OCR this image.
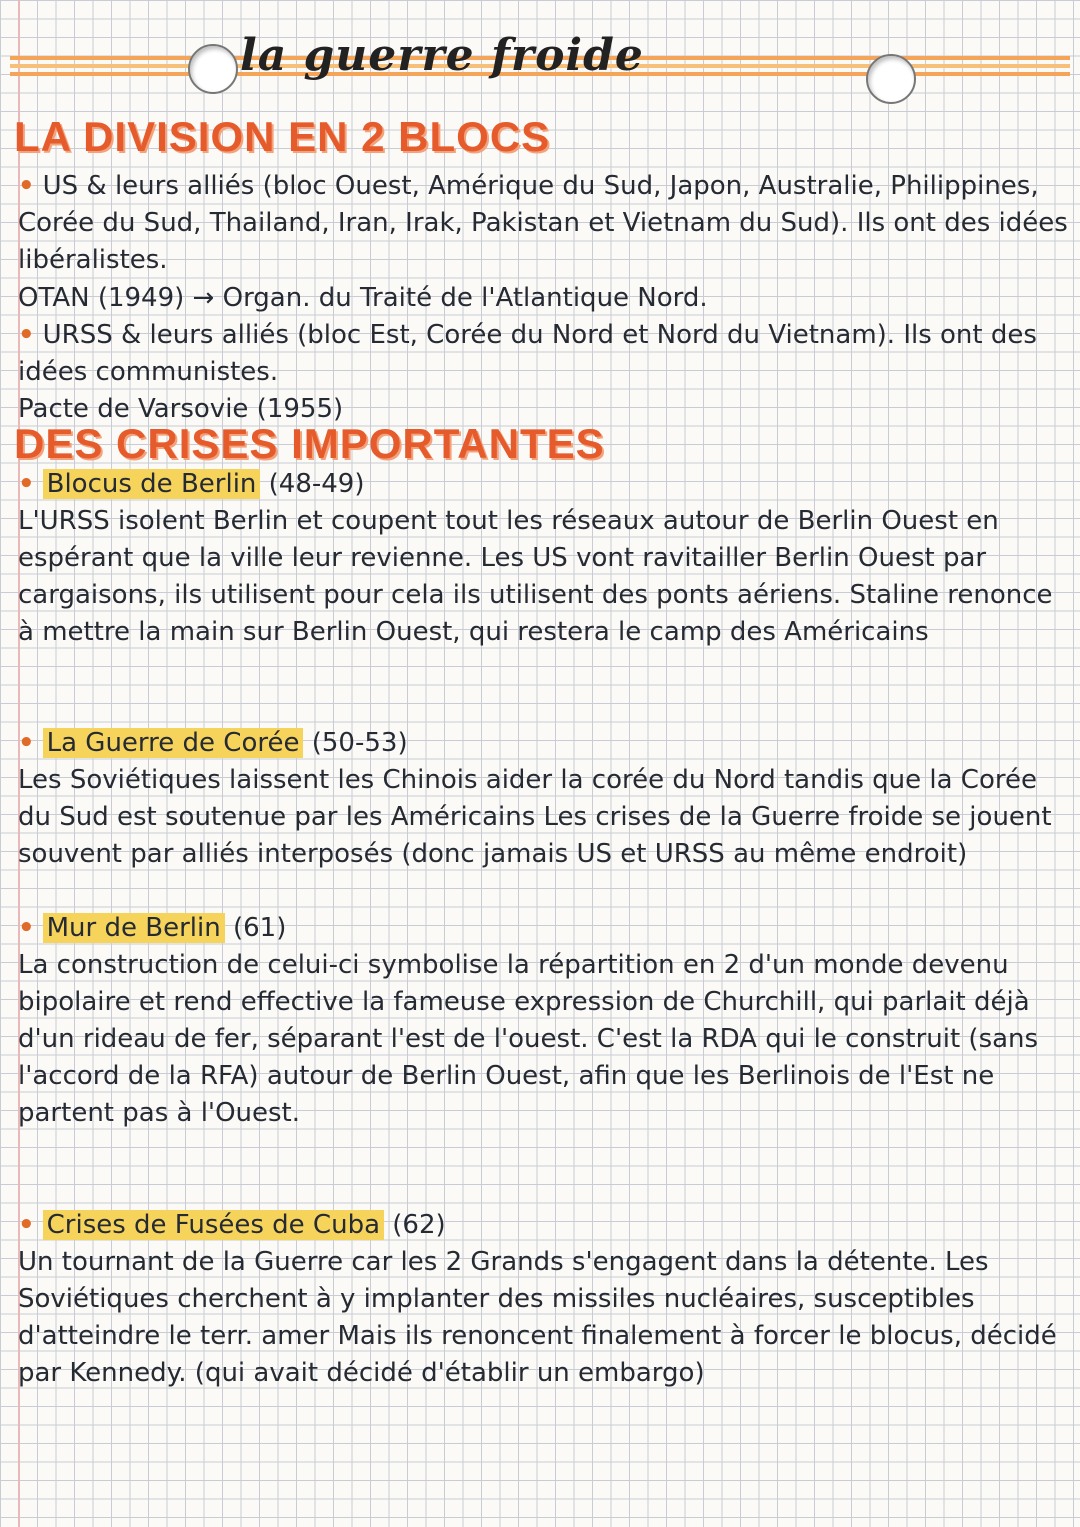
la guerre froide
LA DIVISION EN 2 BLOCS

• US & leurs alliés (bloc Ouest, Amérique du Sud, Japon, Australie, Philippines, Corée du Sud, Thailand, Iran, Irak, Pakistan et Vietnam du Sud). Ils ont des idées libéralistes.

OTAN (1949) → Organ. du Traité de l'Atlantique Nord.

• URSS & leurs alliés (bloc Est, Corée du Nord et Nord du Vietnam). Ils ont des idées communistes.

Pacte de Varsovie (1955)

DES CRISES IMPORTANTES
• Blocus de Berlin (48-49)
L'URSS isolent Berlin et coupent tout les réseaux autour de Berlin Ouest en espérant que la ville leur revienne. Les US vont ravitailler Berlin Ouest par cargaisons, ils utilisent pour cela ils utilisent des ponts aériens. Staline renonce à mettre la main sur Berlin Ouest, qui restera le camp des Américains
• La Guerre de Corée (50-53)
Les Soviétiques laissent les Chinois aider la corée du Nord tandis que la Corée du Sud est soutenue par les Américains Les crises de la Guerre froide se jouent souvent par alliés interposés (donc jamais US et URSS au même endroit)
• Mur de Berlin (61)
La construction de celui-ci symbolise la répartition en 2 d'un monde devenu bipolaire et rend effective la fameuse expression de Churchill, qui parlait déjà d'un rideau de fer, séparant l'est de l'ouest. C'est la RDA qui le construit (sans l'accord de la RFA) autour de Berlin Ouest, afin que les Berlinois de l'Est ne partent pas à l'Ouest.
• Crises de Fusées de Cuba (62)
Un tournant de la Guerre car les 2 Grands s'engagent dans la détente. Les Soviétiques cherchent à y implanter des missiles nucléaires, susceptibles d'atteindre le terr. amer Mais ils renoncent finalement à forcer le blocus, décidé par Kennedy. (qui avait décidé d'établir un embargo)
